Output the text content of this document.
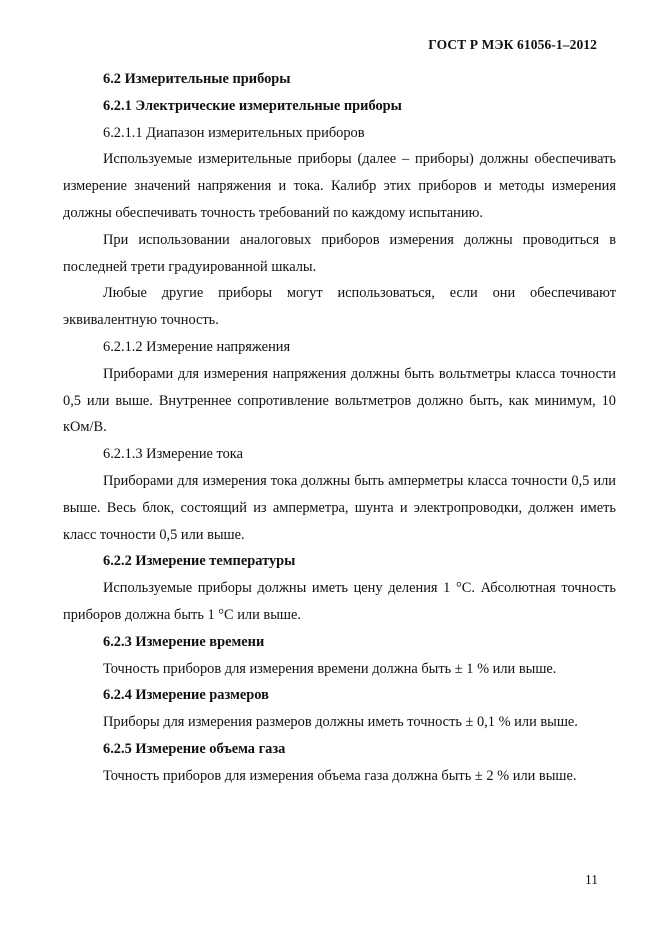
ГОСТ Р МЭК 61056-1–2012

6.2 Измерительные приборы

6.2.1 Электрические измерительные приборы

6.2.1.1 Диапазон измерительных приборов

Используемые измерительные приборы (далее – приборы) должны обеспечивать измерение значений напряжения и тока. Калибр этих приборов и методы измерения должны обеспечивать точность требований по каждому испытанию.

При использовании аналоговых приборов измерения должны проводиться в последней трети градуированной шкалы.

Любые другие приборы могут использоваться, если они обеспечивают эквивалентную точность.

6.2.1.2 Измерение напряжения

Приборами для измерения напряжения должны быть вольтметры класса точности 0,5 или выше. Внутреннее сопротивление вольтметров должно быть, как минимум, 10 кОм/В.

6.2.1.3 Измерение тока

Приборами для измерения тока должны быть амперметры класса точности 0,5 или выше. Весь блок, состоящий из амперметра, шунта и электропроводки, должен иметь класс точности 0,5 или выше.

6.2.2 Измерение температуры

Используемые приборы должны иметь цену деления 1 °С. Абсолютная точность приборов должна быть 1 °С или выше.

6.2.3 Измерение времени

Точность приборов для измерения времени должна быть ± 1 % или выше.

6.2.4 Измерение размеров

Приборы для измерения размеров должны иметь точность ± 0,1 % или выше.

6.2.5 Измерение объема газа

Точность приборов для измерения объема газа должна быть ± 2 % или выше.

11
